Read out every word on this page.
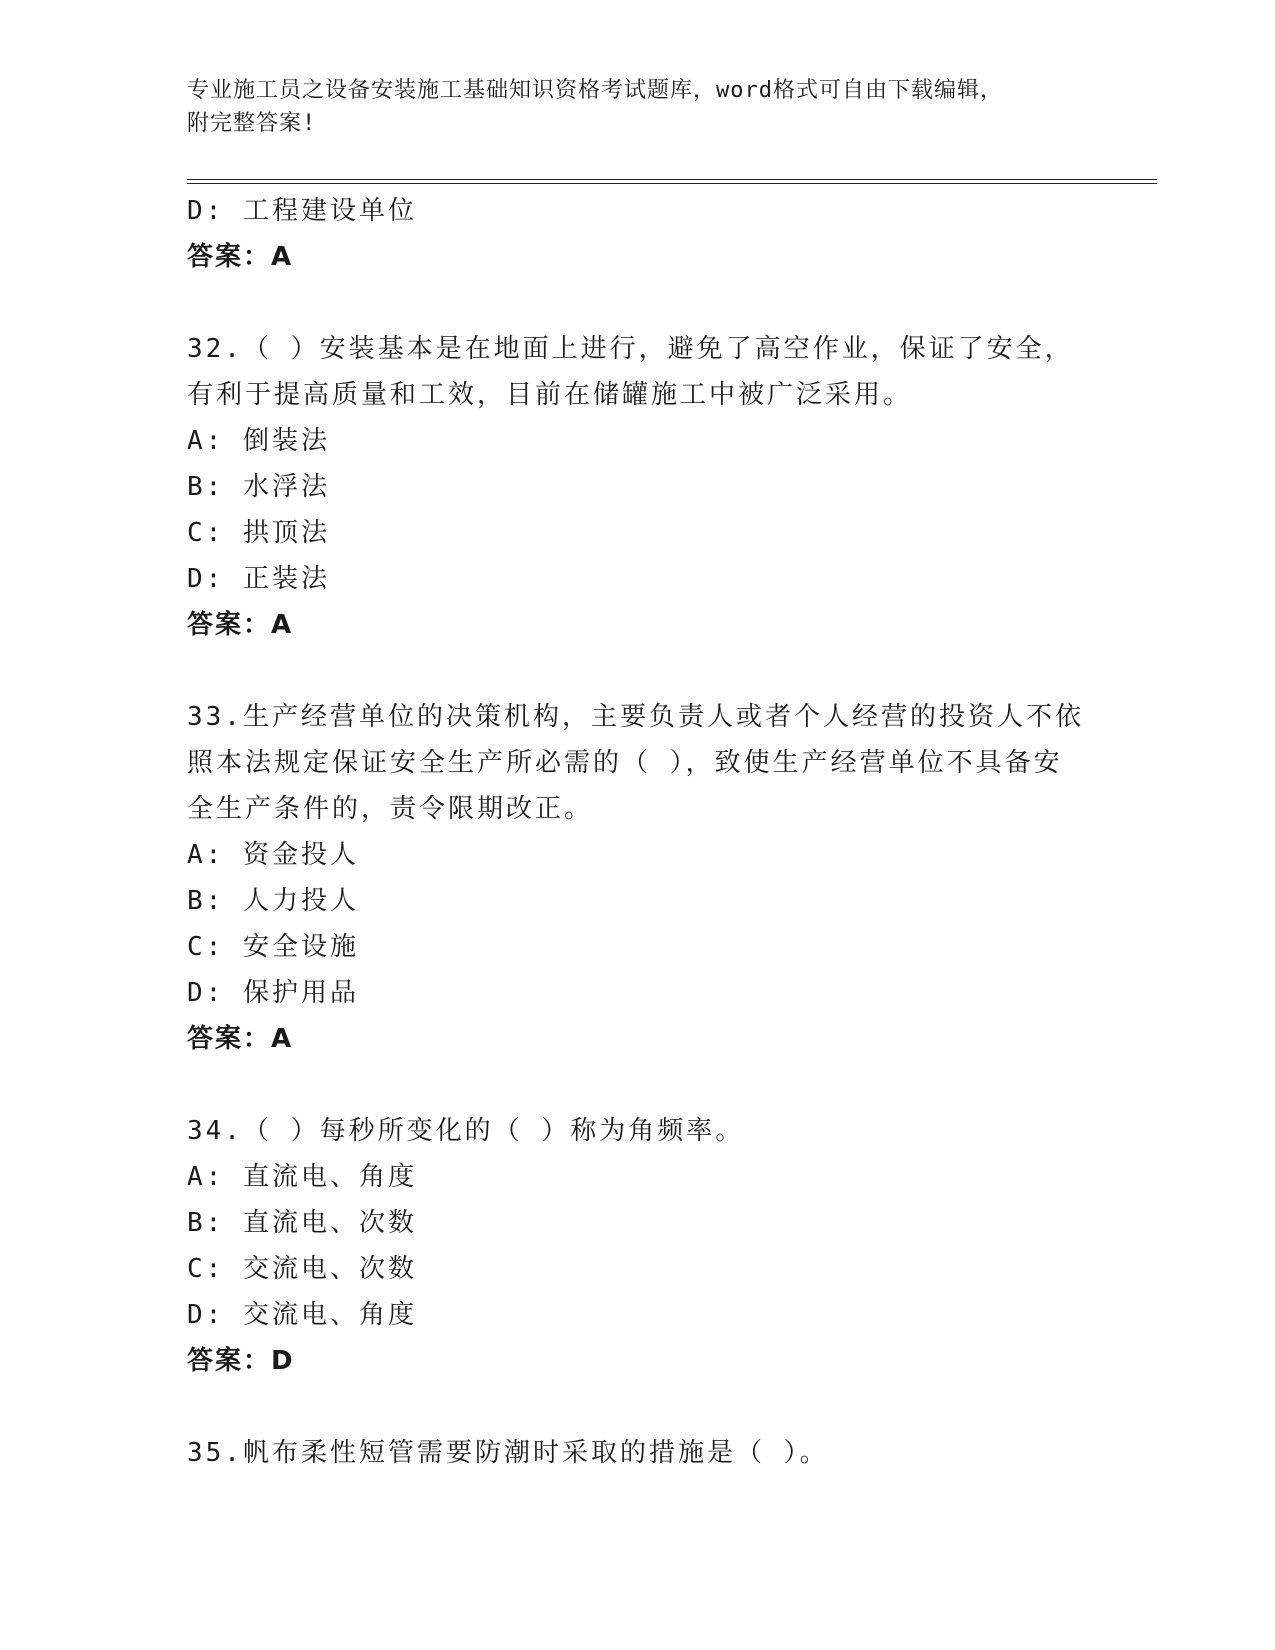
专业施工员之设备安装施工基础知识资格考试题库，word格式可自由下载编辑，
附完整答案!
D: 工程建设单位
答案：A
32.（ ）安装基本是在地面上进行，避免了高空作业，保证了安全，
有利于提高质量和工效，目前在储罐施工中被广泛采用。
A: 倒装法
B: 水浮法
C: 拱顶法
D: 正装法
答案：A
33.生产经营单位的决策机构，主要负责人或者个人经营的投资人不依
照本法规定保证安全生产所必需的（ ），致使生产经营单位不具备安
全生产条件的，责令限期改正。
A: 资金投人
B: 人力投人
C: 安全设施
D: 保护用品
答案：A
34.（ ）每秒所变化的（ ）称为角频率。
A: 直流电、角度
B: 直流电、次数
C: 交流电、次数
D: 交流电、角度
答案：D
35.帆布柔性短管需要防潮时采取的措施是（ ）。
